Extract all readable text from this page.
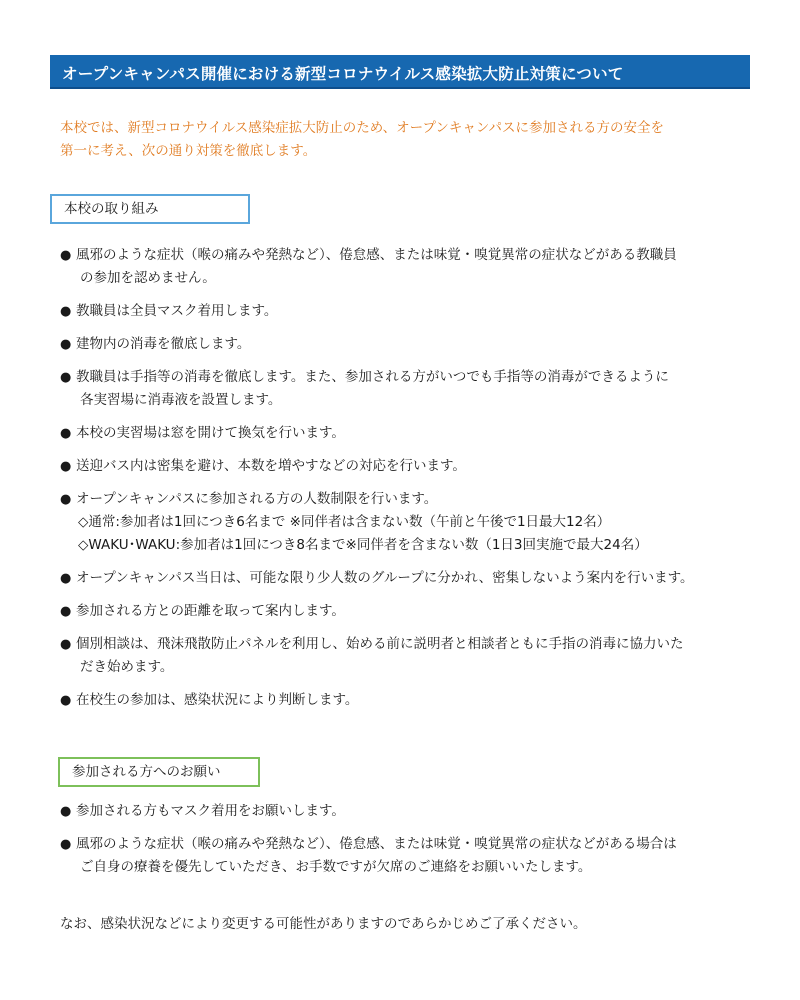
オープンキャンパス開催における新型コロナウイルス感染拡大防止対策について

本校では、新型コロナウイルス感染症拡大防止のため、オープンキャンパスに参加される方の安全を

第一に考え、次の通り対策を徹底します。

本校の取り組み
● 風邪のような症状（喉の痛みや発熱など）、倦怠感、または味覚・嗅覚異常の症状などがある教職員
の参加を認めません。
● 教職員は全員マスク着用します。
● 建物内の消毒を徹底します。
● 教職員は手指等の消毒を徹底します。また、参加される方がいつでも手指等の消毒ができるように
各実習場に消毒液を設置します。
● 本校の実習場は窓を開けて換気を行います。
● 送迎バス内は密集を避け、本数を増やすなどの対応を行います。
● オープンキャンパスに参加される方の人数制限を行います。
◇通常:参加者は1回につき6名まで ※同伴者は含まない数（午前と午後で1日最大12名）
◇WAKU･WAKU:参加者は1回につき8名まで※同伴者を含まない数（1日3回実施で最大24名）
● オープンキャンパス当日は、可能な限り少人数のグループに分かれ、密集しないよう案内を行います。
● 参加される方との距離を取って案内します。
● 個別相談は、飛沫飛散防止パネルを利用し、始める前に説明者と相談者ともに手指の消毒に協力いた
だき始めます。
● 在校生の参加は、感染状況により判断します。
参加される方へのお願い
● 参加される方もマスク着用をお願いします。
● 風邪のような症状（喉の痛みや発熱など）、倦怠感、または味覚・嗅覚異常の症状などがある場合は
ご自身の療養を優先していただき、お手数ですが欠席のご連絡をお願いいたします。
なお、感染状況などにより変更する可能性がありますのであらかじめご了承ください。
